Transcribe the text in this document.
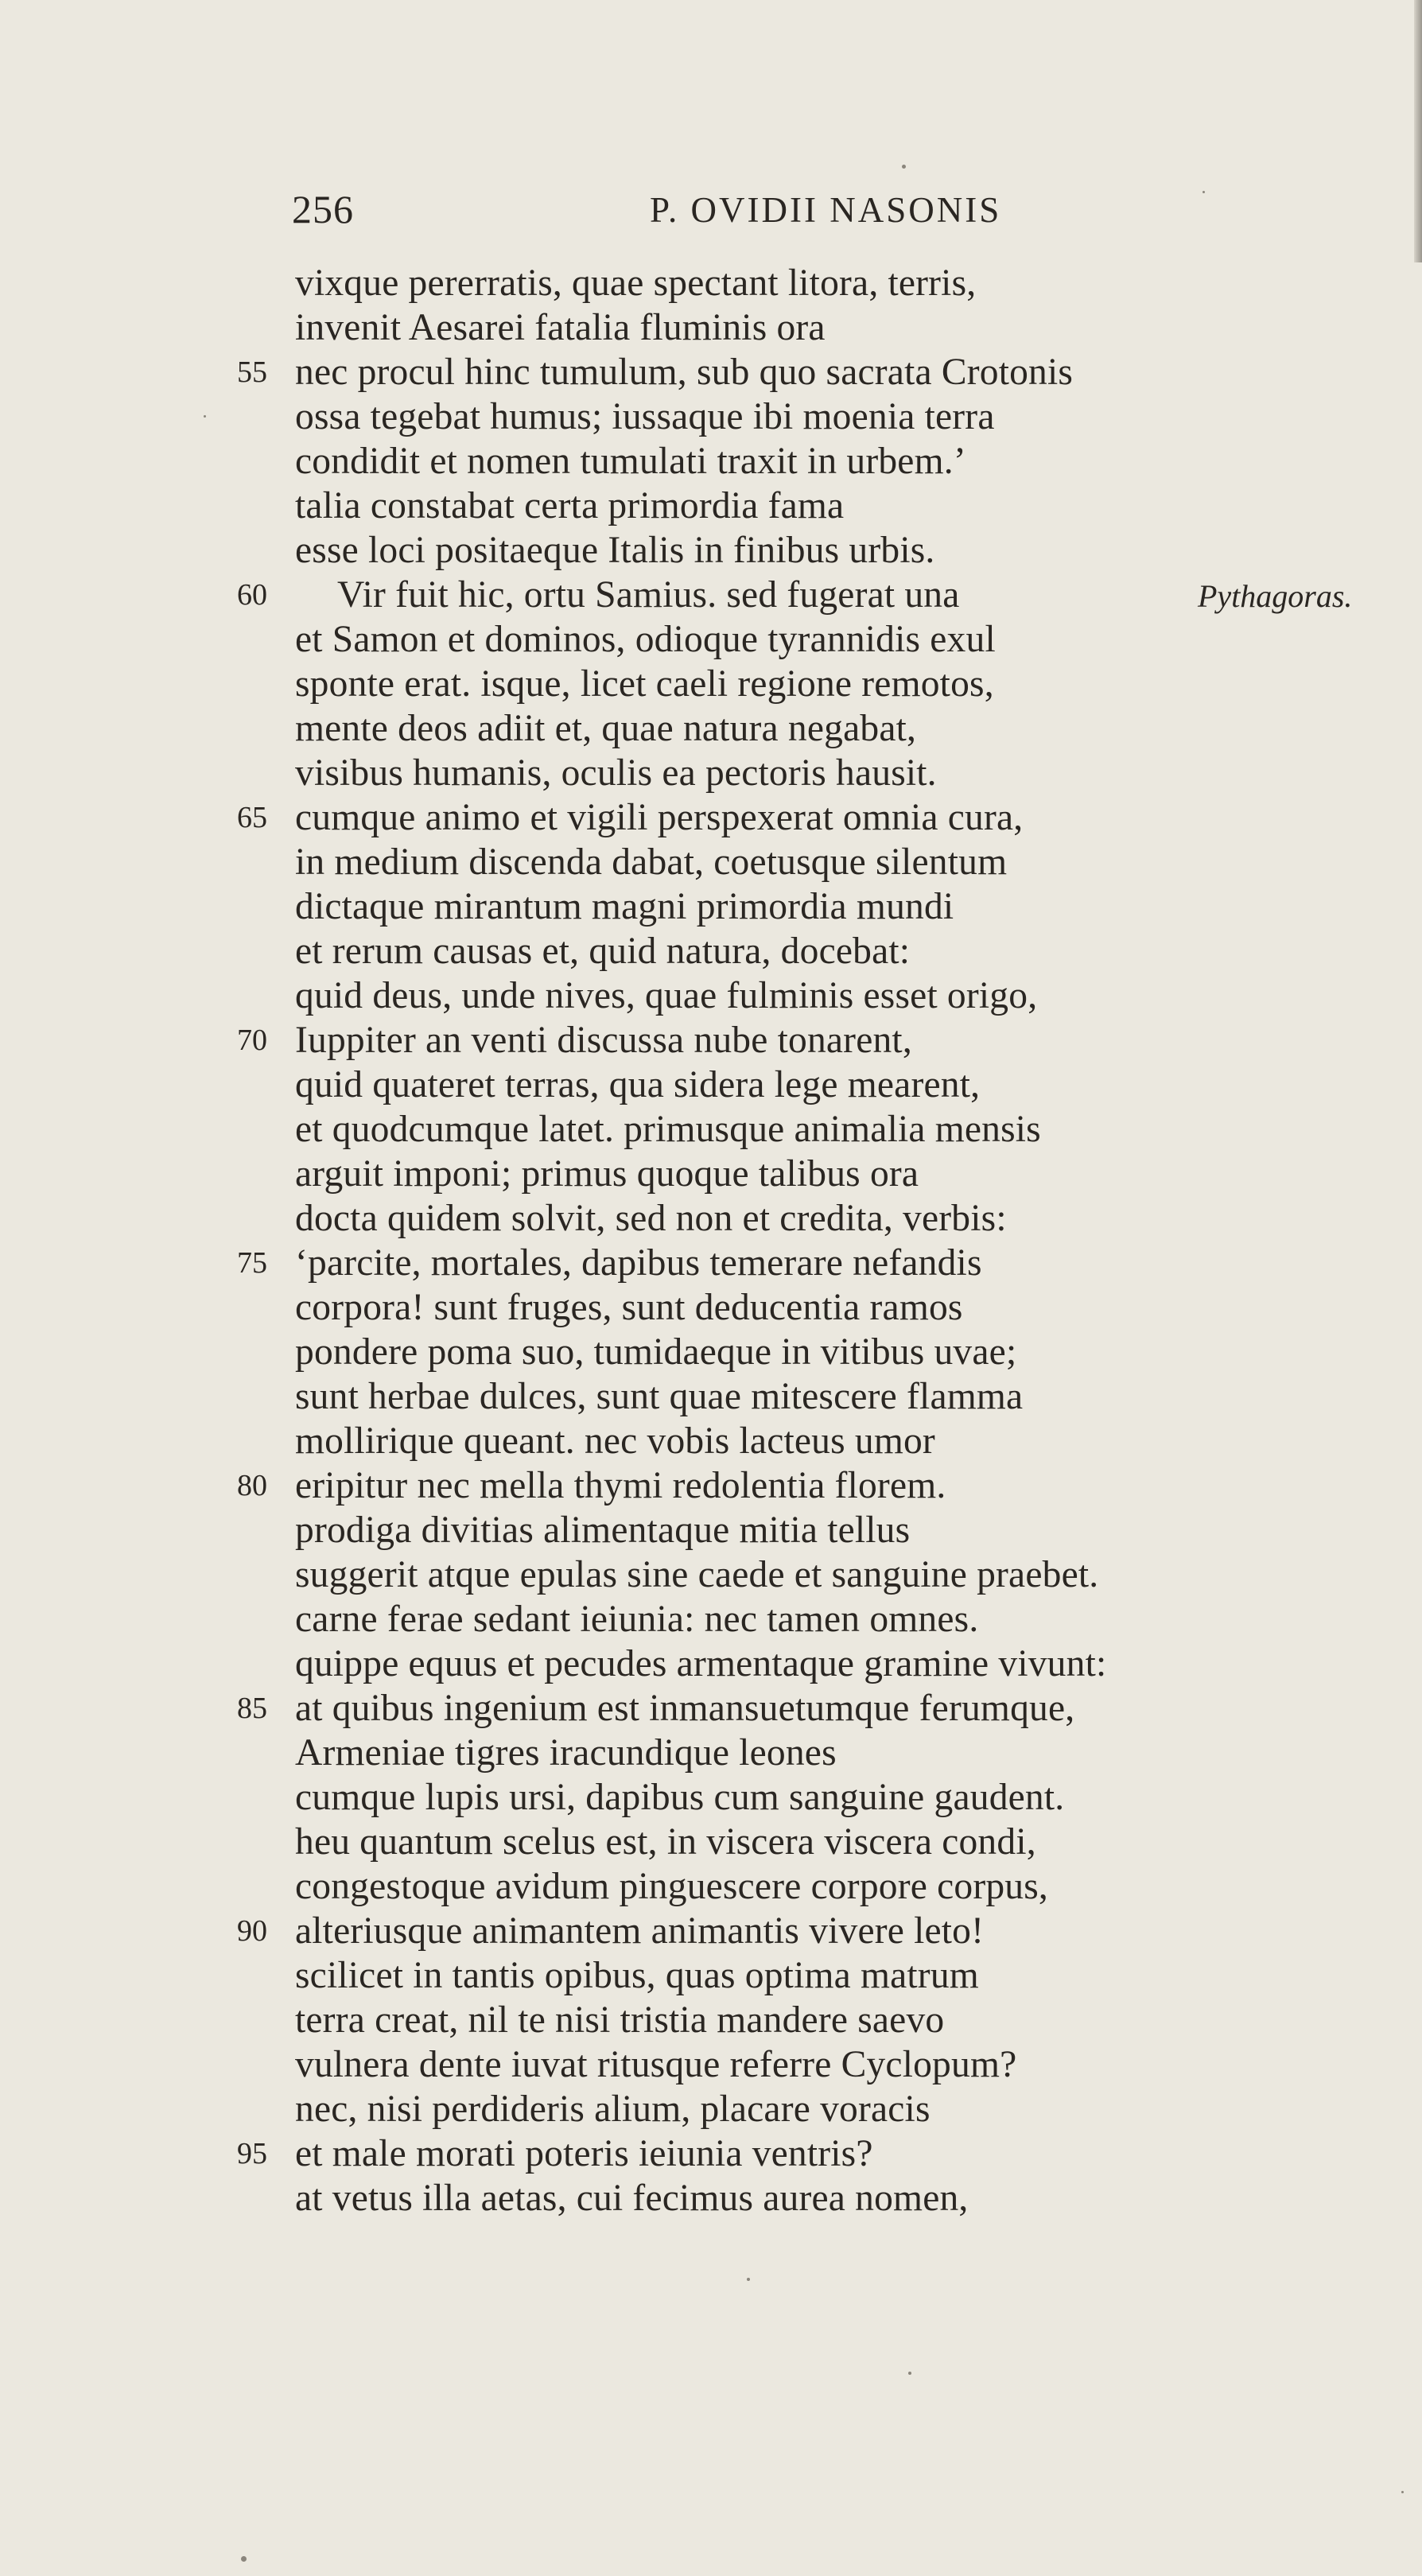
256	P. OVIDII NASONIS
vixque pererratis, quae spectant litora, terris,
invenit Aesarei fatalia fluminis ora
55 nec procul hinc tumulum, sub quo sacrata Crotonis
ossa tegebat humus; iussaque ibi moenia terra
condidit et nomen tumulati traxit in urbem.’
talia constabat certa primordia fama
esse loci positaeque Italis in finibus urbis.
60 Vir fuit hic, ortu Samius. sed fugerat una	Pythagoras.
et Samon et dominos, odioque tyrannidis exul
sponte erat. isque, licet caeli regione remotos,
mente deos adiit et, quae natura negabat,
visibus humanis, oculis ea pectoris hausit.
65 cumque animo et vigili perspexerat omnia cura,
in medium discenda dabat, coetusque silentum
dictaque mirantum magni primordia mundi
et rerum causas et, quid natura, docebat:
quid deus, unde nives, quae fulminis esset origo,
70 Iuppiter an venti discussa nube tonarent,
quid quateret terras, qua sidera lege mearent,
et quodcumque latet. primusque animalia mensis
arguit imponi; primus quoque talibus ora
docta quidem solvit, sed non et credita, verbis:
75 ‘parcite, mortales, dapibus temerare nefandis
corpora! sunt fruges, sunt deducentia ramos
pondere poma suo, tumidaeque in vitibus uvae;
sunt herbae dulces, sunt quae mitescere flamma
mollirique queant. nec vobis lacteus umor
80 eripitur nec mella thymi redolentia florem.
prodiga divitias alimentaque mitia tellus
suggerit atque epulas sine caede et sanguine praebet.
carne ferae sedant ieiunia: nec tamen omnes.
quippe equus et pecudes armentaque gramine vivunt:
85 at quibus ingenium est inmansuetumque ferumque,
Armeniae tigres iracundique leones
cumque lupis ursi, dapibus cum sanguine gaudent.
heu quantum scelus est, in viscera viscera condi,
congestoque avidum pinguescere corpore corpus,
90 alteriusque animantem animantis vivere leto!
scilicet in tantis opibus, quas optima matrum
terra creat, nil te nisi tristia mandere saevo
vulnera dente iuvat ritusque referre Cyclopum?
nec, nisi perdideris alium, placare voracis
95 et male morati poteris ieiunia ventris?
at vetus illa aetas, cui fecimus aurea nomen,
